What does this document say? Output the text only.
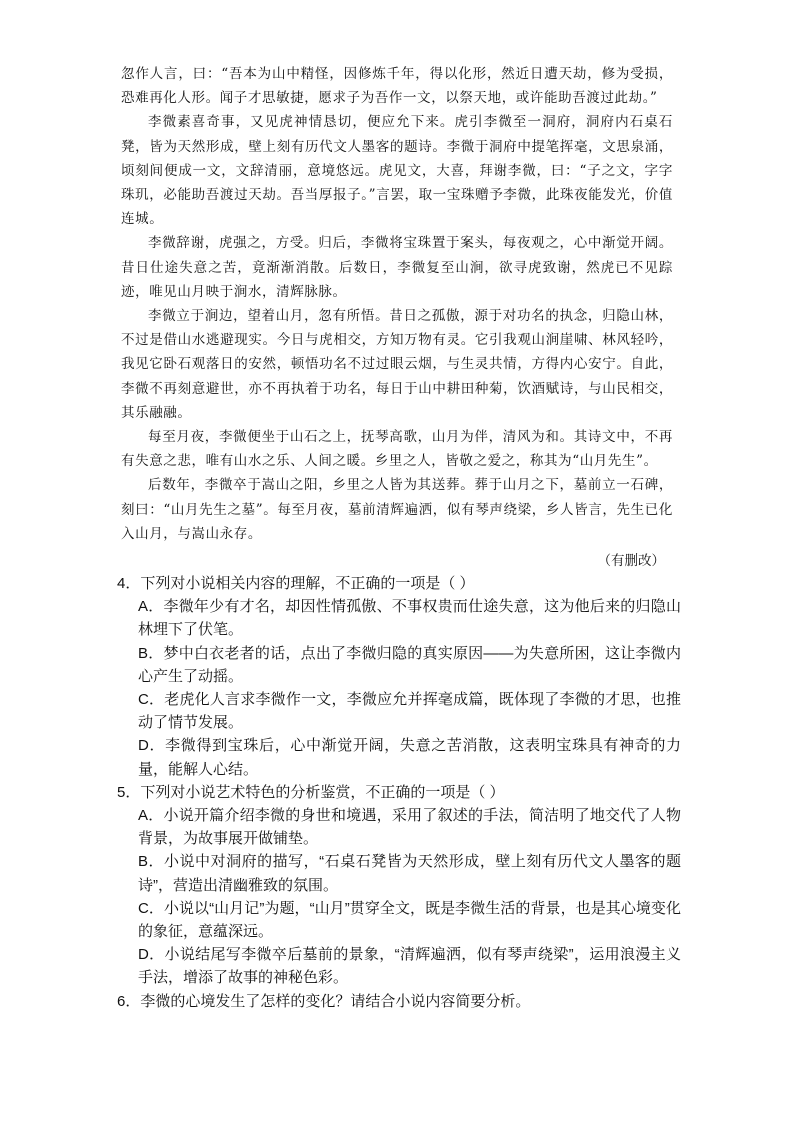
忽作人言，曰：“吾本为山中精怪，因修炼千年，得以化形，然近日遭天劫，修为受损，恐难再化人形。闻子才思敏捷，愿求子为吾作一文，以祭天地，或许能助吾渡过此劫。”

李微素喜奇事，又见虎神情恳切，便应允下来。虎引李微至一洞府，洞府内石桌石凳，皆为天然形成，壁上刻有历代文人墨客的题诗。李微于洞府中提笔挥毫，文思泉涌，顷刻间便成一文，文辞清丽，意境悠远。虎见文，大喜，拜谢李微，曰：“子之文，字字珠玑，必能助吾渡过天劫。吾当厚报子。”言罢，取一宝珠赠予李微，此珠夜能发光，价值连城。

李微辞谢，虎强之，方受。归后，李微将宝珠置于案头，每夜观之，心中渐觉开阔。昔日仕途失意之苦，竟渐渐消散。后数日，李微复至山涧，欲寻虎致谢，然虎已不见踪迹，唯见山月映于涧水，清辉脉脉。

李微立于涧边，望着山月，忽有所悟。昔日之孤傲，源于对功名的执念，归隐山林，不过是借山水逃避现实。今日与虎相交，方知万物有灵。它引我观山涧崖啸、林风轻吟，我见它卧石观落日的安然，顿悟功名不过过眼云烟，与生灵共情，方得内心安宁。自此，李微不再刻意避世，亦不再执着于功名，每日于山中耕田种菊，饮酒赋诗，与山民相交，其乐融融。

每至月夜，李微便坐于山石之上，抚琴高歌，山月为伴，清风为和。其诗文中，不再有失意之悲，唯有山水之乐、人间之暖。乡里之人，皆敬之爱之，称其为“山月先生”。

后数年，李微卒于嵩山之阳，乡里之人皆为其送葬。葬于山月之下，墓前立一石碑，刻曰：“山月先生之墓”。每至月夜，墓前清辉遍洒，似有琴声绕梁，乡人皆言，先生已化入山月，与嵩山永存。

（有删改）

4．下列对小说相关内容的理解，不正确的一项是（ ）

A．李微年少有才名，却因性情孤傲、不事权贵而仕途失意，这为他后来的归隐山林埋下了伏笔。

B．梦中白衣老者的话，点出了李微归隐的真实原因——为失意所困，这让李微内心产生了动摇。

C．老虎化人言求李微作一文，李微应允并挥毫成篇，既体现了李微的才思，也推动了情节发展。

D．李微得到宝珠后，心中渐觉开阔，失意之苦消散，这表明宝珠具有神奇的力量，能解人心结。

5．下列对小说艺术特色的分析鉴赏，不正确的一项是（ ）

A．小说开篇介绍李微的身世和境遇，采用了叙述的手法，简洁明了地交代了人物背景，为故事展开做铺垫。

B．小说中对洞府的描写，“石桌石凳皆为天然形成，壁上刻有历代文人墨客的题诗”，营造出清幽雅致的氛围。

C．小说以“山月记”为题，“山月”贯穿全文，既是李微生活的背景，也是其心境变化的象征，意蕴深远。

D．小说结尾写李微卒后墓前的景象，“清辉遍洒，似有琴声绕梁”，运用浪漫主义手法，增添了故事的神秘色彩。

6．李微的心境发生了怎样的变化？请结合小说内容简要分析。
